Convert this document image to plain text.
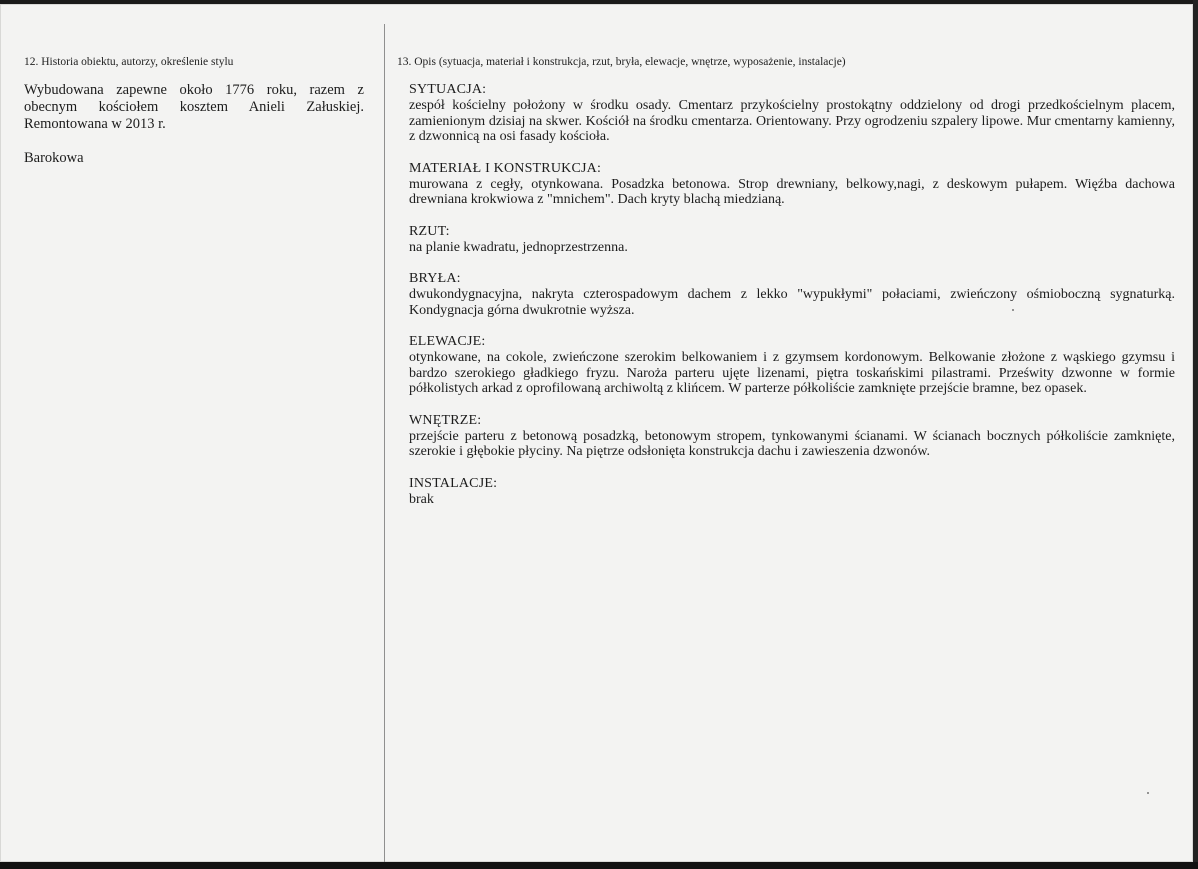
12. Historia obiektu, autorzy, określenie stylu

Wybudowana zapewne około 1776 roku, razem z obecnym kościołem kosztem Anieli Załuskiej. Remontowana w 2013 r.

Barokowa

13. Opis (sytuacja, materiał i konstrukcja, rzut, bryła, elewacje, wnętrze, wyposażenie, instalacje)

SYTUACJA:

zespół kościelny położony w środku osady. Cmentarz przykościelny prostokątny oddzielony od drogi przedkościelnym placem, zamienionym dzisiaj na skwer. Kościół na środku cmentarza. Orientowany. Przy ogrodzeniu szpalery lipowe. Mur cmentarny kamienny, z dzwonnicą na osi fasady kościoła.

MATERIAŁ I KONSTRUKCJA:

murowana z cegły, otynkowana. Posadzka betonowa. Strop drewniany, belkowy,nagi, z deskowym pułapem. Więźba dachowa drewniana krokwiowa z "mnichem". Dach kryty blachą miedzianą.

RZUT:

na planie kwadratu, jednoprzestrzenna.

BRYŁA:

dwukondygnacyjna, nakryta czterospadowym dachem z lekko "wypukłymi" połaciami, zwieńczony ośmioboczną sygnaturką. Kondygnacja górna dwukrotnie wyższa.

ELEWACJE:

otynkowane, na cokole, zwieńczone szerokim belkowaniem i z gzymsem kordonowym. Belkowanie złożone z wąskiego gzymsu i bardzo szerokiego gładkiego fryzu. Naroża parteru ujęte lizenami, piętra toskańskimi pilastrami. Prześwity dzwonne w formie półkolistych arkad z oprofilowaną archiwoltą z klińcem. W parterze półkoliście zamknięte przejście bramne, bez opasek.

WNĘTRZE:

przejście parteru z betonową posadzką, betonowym stropem, tynkowanymi ścianami. W ścianach bocznych półkoliście zamknięte, szerokie i głębokie płyciny. Na piętrze odsłonięta konstrukcja dachu i zawieszenia dzwonów.

INSTALACJE:

brak
